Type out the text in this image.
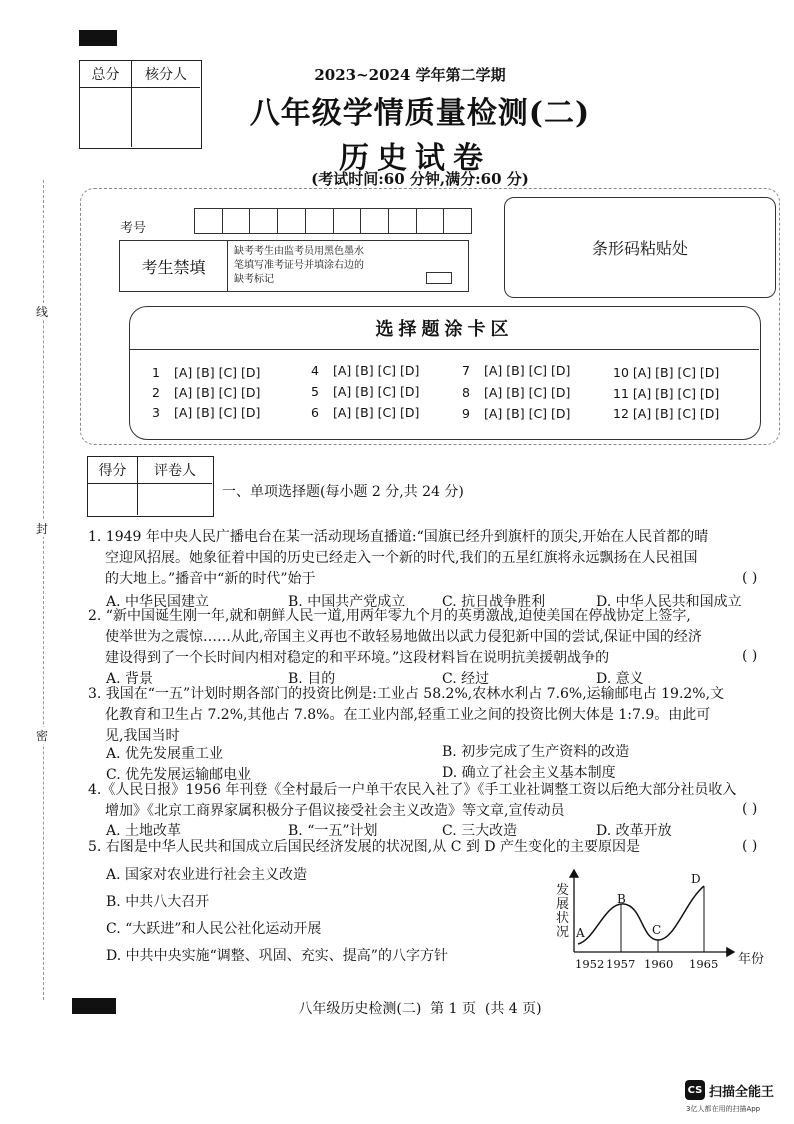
线
封
密
总分	核分人	2023~2024 学年第二学期
八年级学情质量检测(二)
历史试卷
(考试时间:60 分钟,满分:60 分)
考号
考生禁填
缺考考生由监考员用黑色墨水
笔填写准考证号并填涂右边的
缺考标记
条形码粘贴处
选择题涂卡区
1 [A] [B] [C] [D]
2 [A] [B] [C] [D]
3 [A] [B] [C] [D]
4 [A] [B] [C] [D]
5 [A] [B] [C] [D]
6 [A] [B] [C] [D]
7 [A] [B] [C] [D]
8 [A] [B] [C] [D]
9 [A] [B] [C] [D]
10 [A] [B] [C] [D]
11 [A] [B] [C] [D]
12 [A] [B] [C] [D]
得分	评卷人
一、单项选择题(每小题 2 分,共 24 分)
1. 1949 年中央人民广播电台在某一活动现场直播道:“国旗已经升到旗杆的顶尖,开始在人民首都的晴
空迎风招展。她象征着中国的历史已经走入一个新的时代,我们的五星红旗将永远飘扬在人民祖国
的大地上。”播音中“新的时代”始于	( )
A. 中华民国建立	B. 中国共产党成立	C. 抗日战争胜利	D. 中华人民共和国成立
2. “新中国诞生刚一年,就和朝鲜人民一道,用两年零九个月的英勇激战,迫使美国在停战协定上签字,
使举世为之震惊……从此,帝国主义再也不敢轻易地做出以武力侵犯新中国的尝试,保证中国的经济
建设得到了一个长时间内相对稳定的和平环境。”这段材料旨在说明抗美援朝战争的	( )
A. 背景	B. 目的	C. 经过	D. 意义
3. 我国在“一五”计划时期各部门的投资比例是:工业占 58.2%,农林水利占 7.6%,运输邮电占 19.2%,文
化教育和卫生占 7.2%,其他占 7.8%。在工业内部,轻重工业之间的投资比例大体是 1:7.9。由此可
见,我国当时
A. 优先发展重工业	B. 初步完成了生产资料的改造
C. 优先发展运输邮电业	D. 确立了社会主义基本制度
4.《人民日报》1956 年刊登《全村最后一户单干农民入社了》《手工业社调整工资以后绝大部分社员收入
增加》《北京工商界家属积极分子倡议接受社会主义改造》等文章,宣传动员	( )
A. 土地改革	B. “一五”计划	C. 三大改造	D. 改革开放
5. 右图是中华人民共和国成立后国民经济发展的状况图,从 C 到 D 产生变化的主要原因是	( )
A. 国家对农业进行社会主义改造
B. 中共八大召开
C. “大跃进”和人民公社化运动开展
D. 中共中央实施“调整、巩固、充实、提高”的八字方针
发
展
状
况 A
B
C
D
1952 1957 1960 1965 年份
八年级历史检测(二)  第 1 页  (共 4 页)
CS 扫描全能王
3亿人都在用的扫描App
